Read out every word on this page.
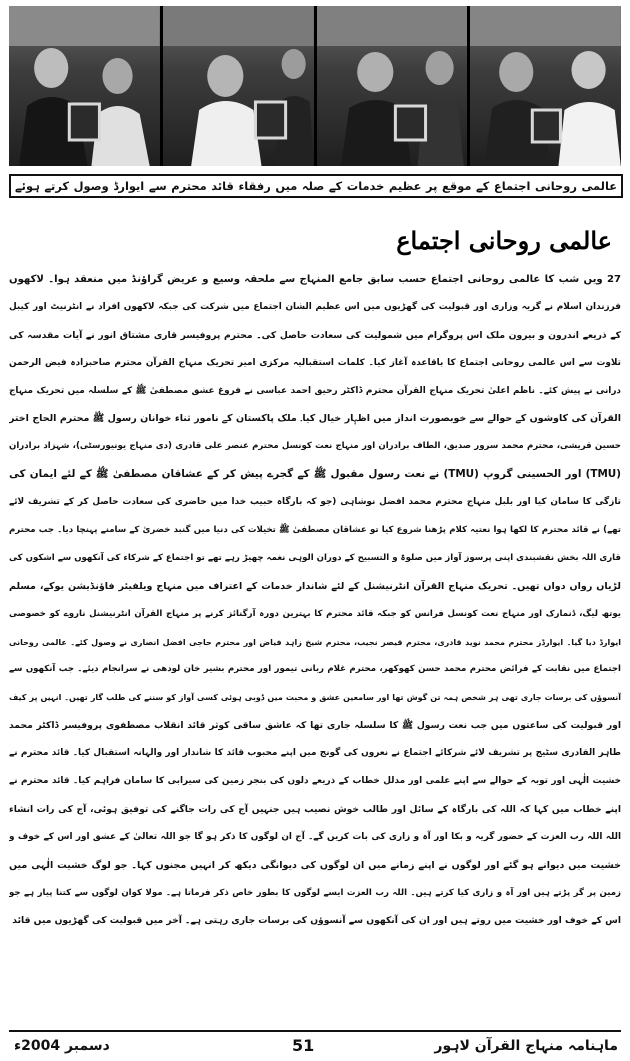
عالمی روحانی اجتماع کے موقع پر عظیم خدمات کے صلہ میں رفقاء قائد محترم سے ایوارڈ وصول کرتے ہوئے
عالمی روحانی اجتماع
27 ویں شب کا عالمی روحانی اجتماع حسب سابق جامع المنہاج سے ملحقہ وسیع و عریض گراؤنڈ میں منعقد ہوا۔ لاکھوں
فرزندان اسلام نے گریہ وزاری اور قبولیت کی گھڑیوں میں اس عظیم الشان اجتماع میں شرکت کی جبکہ لاکھوں افراد نے انٹرنیٹ اور کیبل
کے ذریعے اندرون و بیرون ملک اس پروگرام میں شمولیت کی سعادت حاصل کی۔ محترم پروفیسر قاری مشتاق انور نے آیات مقدسہ کی
تلاوت سے اس عالمی روحانی اجتماع کا باقاعدہ آغاز کیا۔ کلمات استقبالیہ مرکزی امیر تحریک منہاج القرآن محترم صاحبزادہ فیض الرحمن
درانی نے پیش کئے۔ ناظم اعلیٰ تحریک منہاج القرآن محترم ڈاکٹر رحیق احمد عباسی نے فروغ عشق مصطفیٰ ﷺ کے سلسلہ میں تحریک منہاج
القرآن کی کاوشوں کے حوالے سے خوبصورت انداز میں اظہار خیال کیا۔ ملک پاکستان کے نامور ثناء خوانان رسول ﷺ محترم الحاج اختر
حسین قریشی، محترم محمد سرور صدیق، الطاف برادران اور منہاج نعت کونسل محترم عنصر علی قادری (دی منہاج یونیورسٹی)، شہزاد برادران
(TMU) اور الحسینی گروپ (TMU) نے نعت رسول مقبول ﷺ کے گجرے پیش کر کے عشاقان مصطفیٰ ﷺ کے لئے ایمان کی
تازگی کا سامان کیا اور بلبل منہاج محترم محمد افضل نوشاہی (جو کہ بارگاہ حبیب خدا میں حاضری کی سعادت حاصل کر کے تشریف لائے
تھے) نے قائد محترم کا لکھا ہوا نعتیہ کلام پڑھنا شروع کیا تو عشاقان مصطفیٰ ﷺ تخیلات کی دنیا میں گنبد خضریٰ کے سامنے پہنچا دیا۔ جب محترم
قاری اللہ بخش نقشبندی اپنی پرسوز آواز میں صلوۃ و التسبیح کے دوران الوہی نغمہ چھیڑ رہے تھے تو اجتماع کے شرکاء کی آنکھوں سے اشکوں کی
لڑیاں رواں دواں تھیں۔ تحریک منہاج القرآن انٹرنیشنل کے لئے شاندار خدمات کے اعتراف میں منہاج ویلفیئر فاؤنڈیشن یوکے، مسلم
یوتھ لیگ، ڈنمارک اور منہاج نعت کونسل فرانس کو جبکہ قائد محترم کا بہترین دورہ آرگنائز کرنے پر منہاج القرآن انٹرنیشنل ناروے کو خصوصی
ایوارڈ دیا گیا۔ ایوارڈز محترم محمد نوید قادری، محترم قیصر نجیب، محترم شیخ زاہد فیاض اور محترم حاجی افضل انصاری نے وصول کئے۔ عالمی روحانی
اجتماع میں نقابت کے فرائض محترم محمد حسن کھوکھر، محترم غلام ربانی تیمور اور محترم بشیر خان لودھی نے سرانجام دیئے۔ جب آنکھوں سے
آنسوؤں کی برسات جاری تھی ہر شخص ہمہ تن گوش تھا اور سامعین عشق و محبت میں ڈوبی ہوئی کسی آواز کو سننے کی طلب گار تھیں۔ انہیں پر کیف
اور قبولیت کی ساعتوں میں جب نعت رسول ﷺ کا سلسلہ جاری تھا کہ عاشق ساقی کوثر قائد انقلاب مصطفوی پروفیسر ڈاکٹر محمد
طاہر القادری سٹیج پر تشریف لائے شرکائے اجتماع نے نعروں کی گونج میں اپنے محبوب قائد کا شاندار اور والہانہ استقبال کیا۔ قائد محترم نے
خشیت الٰہی اور توبہ کے حوالے سے اپنے علمی اور مدلل خطاب کے ذریعے دلوں کی بنجر زمین کی سیرابی کا سامان فراہم کیا۔ قائد محترم نے
اپنے خطاب میں کہا کہ اللہ کی بارگاہ کے سائل اور طالب خوش نصیب ہیں جنہیں آج کی رات جاگنے کی توفیق ہوئی، آج کی رات انشاء
اللہ اللہ رب العزت کے حضور گریہ و بکا اور آہ و زاری کی بات کریں گے۔ آج ان لوگوں کا ذکر ہو گا جو اللہ تعالیٰ کے عشق اور اس کے خوف و
خشیت میں دیوانے ہو گئے اور لوگوں نے اپنے زمانے میں ان لوگوں کی دیوانگی دیکھ کر انہیں مجنوں کہا۔ جو لوگ خشیت الٰہی میں
زمین پر گر پڑتے ہیں اور آہ و زاری کیا کرتے ہیں۔ اللہ رب العزت ایسے لوگوں کا بطور خاص ذکر فرماتا ہے۔ مولا کوان لوگوں سے کتنا پیار ہے جو
اس کے خوف اور خشیت میں روتے ہیں اور ان کی آنکھوں سے آنسوؤں کی برسات جاری رہتی ہے۔ آخر میں قبولیت کی گھڑیوں میں قائد
ماہنامہ منہاج القرآن لاہور
51
دسمبر 2004ء
